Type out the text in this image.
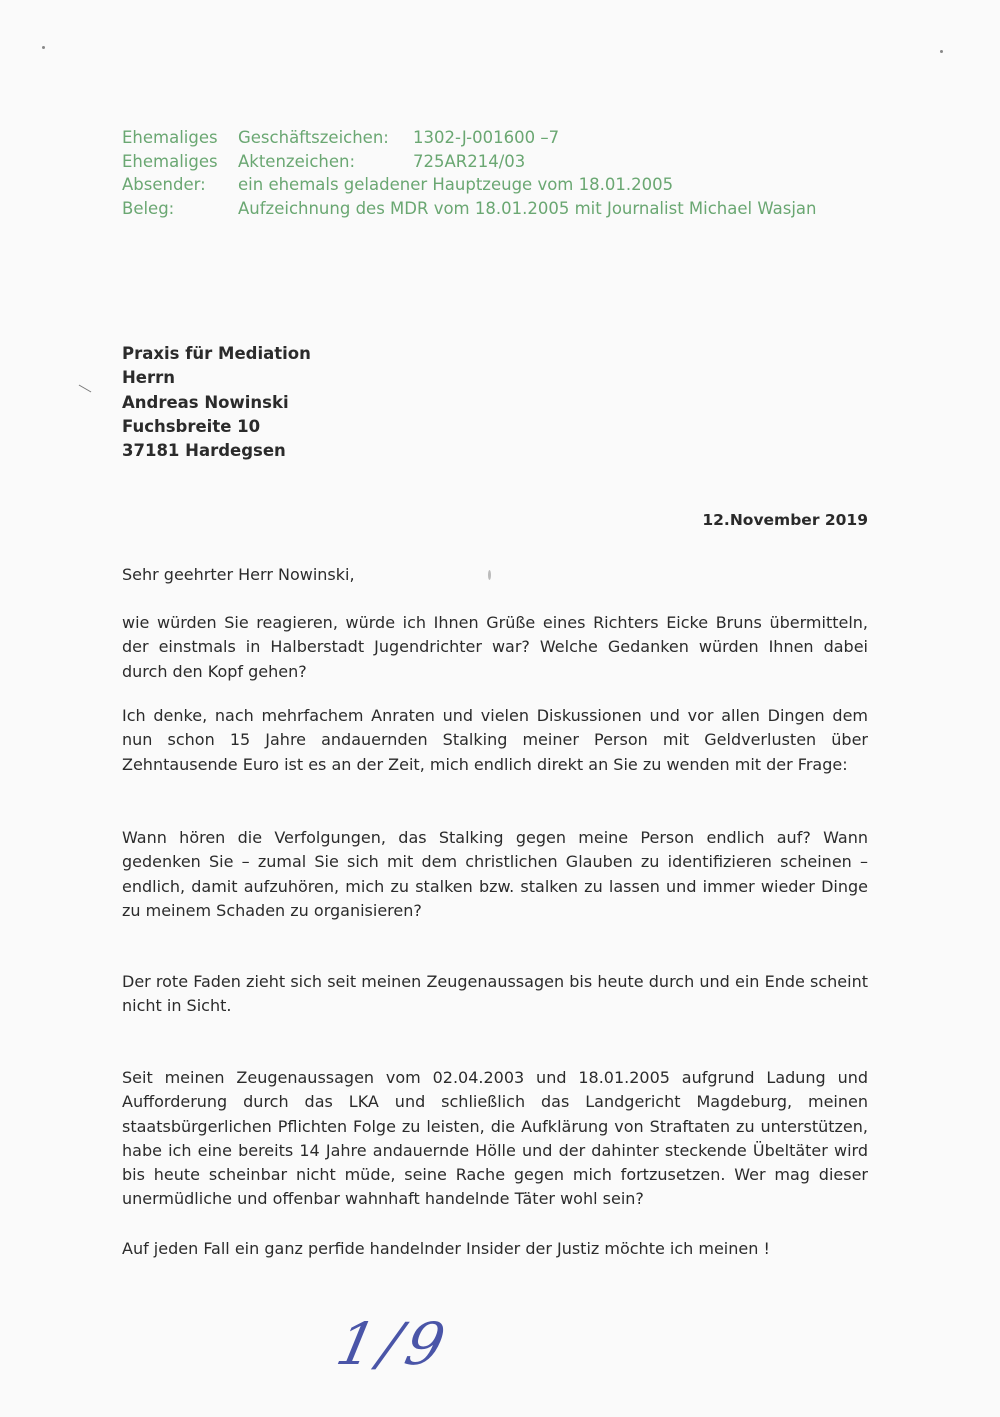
Ehemaliges	Geschäftszeichen:	1302-J-001600 –7
Ehemaliges	Aktenzeichen:	725AR214/03
Absender:	ein ehemals geladener Hauptzeuge vom 18.01.2005
Beleg:	Aufzeichnung des MDR vom 18.01.2005 mit Journalist Michael Wasjan
Praxis für Mediation
Herrn
Andreas Nowinski
Fuchsbreite 10
37181 Hardegsen
12.November 2019
Sehr geehrter Herr Nowinski,
wie würden Sie reagieren, würde ich Ihnen Grüße eines Richters Eicke Bruns übermitteln, der einstmals in Halberstadt Jugendrichter war? Welche Gedanken würden Ihnen dabei durch den Kopf gehen?
Ich denke, nach mehrfachem Anraten und vielen Diskussionen und vor allen Dingen dem nun schon 15 Jahre andauernden Stalking meiner Person mit Geldverlusten über Zehntausende Euro ist es an der Zeit, mich endlich direkt an Sie zu wenden mit der Frage:
Wann hören die Verfolgungen, das Stalking gegen meine Person endlich auf? Wann gedenken Sie – zumal Sie sich mit dem christlichen Glauben zu identifizieren scheinen – endlich, damit aufzuhören, mich zu stalken bzw. stalken zu lassen und immer wieder Dinge zu meinem Schaden zu organisieren?
Der rote Faden zieht sich seit meinen Zeugenaussagen bis heute durch und ein Ende scheint nicht in Sicht.
Seit meinen Zeugenaussagen vom 02.04.2003 und 18.01.2005 aufgrund Ladung und Aufforderung durch das LKA und schließlich das Landgericht Magdeburg, meinen staatsbürgerlichen Pflichten Folge zu leisten, die Aufklärung von Straftaten zu unterstützen, habe ich eine bereits 14 Jahre andauernde Hölle und der dahinter steckende Übeltäter wird bis heute scheinbar nicht müde, seine Rache gegen mich fortzusetzen. Wer mag dieser unermüdliche und offenbar wahnhaft handelnde Täter wohl sein?
Auf jeden Fall ein ganz perfide handelnder Insider der Justiz möchte ich meinen !
1/9
